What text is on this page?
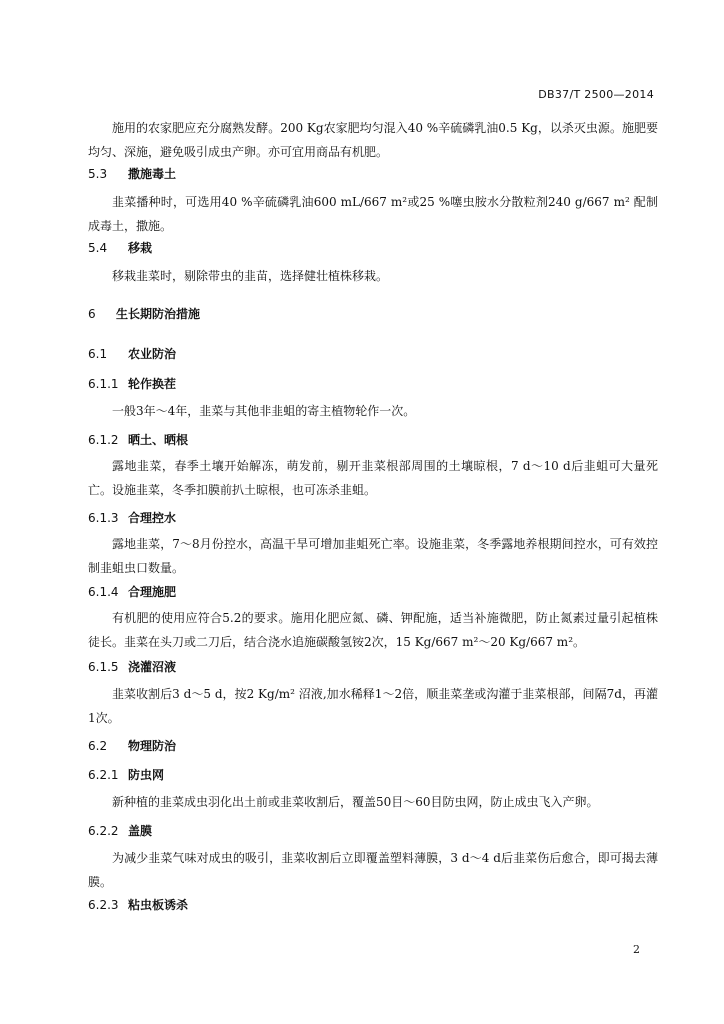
DB37/T 2500—2014

施用的农家肥应充分腐熟发酵。200 Kg农家肥均匀混入40 %辛硫磷乳油0.5 Kg，以杀灭虫源。施肥要均匀、深施，避免吸引成虫产卵。亦可宜用商品有机肥。

5.3 撒施毒土

韭菜播种时，可选用40 %辛硫磷乳油600 mL/667 m²或25 %噻虫胺水分散粒剂240 g/667 m² 配制成毒土，撒施。

5.4 移栽

移栽韭菜时，剔除带虫的韭苗，选择健壮植株移栽。

6 生长期防治措施

6.1 农业防治

6.1.1 轮作换茬

一般3年～4年，韭菜与其他非韭蛆的寄主植物轮作一次。

6.1.2 晒土、晒根

露地韭菜，春季土壤开始解冻，萌发前，剔开韭菜根部周围的土壤晾根，7 d～10 d后韭蛆可大量死亡。设施韭菜，冬季扣膜前扒土晾根，也可冻杀韭蛆。

6.1.3 合理控水

露地韭菜，7～8月份控水，高温干旱可增加韭蛆死亡率。设施韭菜，冬季露地养根期间控水，可有效控制韭蛆虫口数量。

6.1.4 合理施肥

有机肥的使用应符合5.2的要求。施用化肥应氮、磷、钾配施，适当补施微肥，防止氮素过量引起植株徒长。韭菜在头刀或二刀后，结合浇水追施碳酸氢铵2次，15 Kg/667 m²～20 Kg/667 m²。

6.1.5 浇灌沼液

韭菜收割后3 d～5 d，按2 Kg/m² 沼液,加水稀释1～2倍，顺韭菜垄或沟灌于韭菜根部，间隔7d，再灌1次。

6.2 物理防治

6.2.1 防虫网

新种植的韭菜成虫羽化出土前或韭菜收割后，覆盖50目～60目防虫网，防止成虫飞入产卵。

6.2.2 盖膜

为减少韭菜气味对成虫的吸引，韭菜收割后立即覆盖塑料薄膜，3 d～4 d后韭菜伤后愈合，即可揭去薄膜。

6.2.3 粘虫板诱杀

2
